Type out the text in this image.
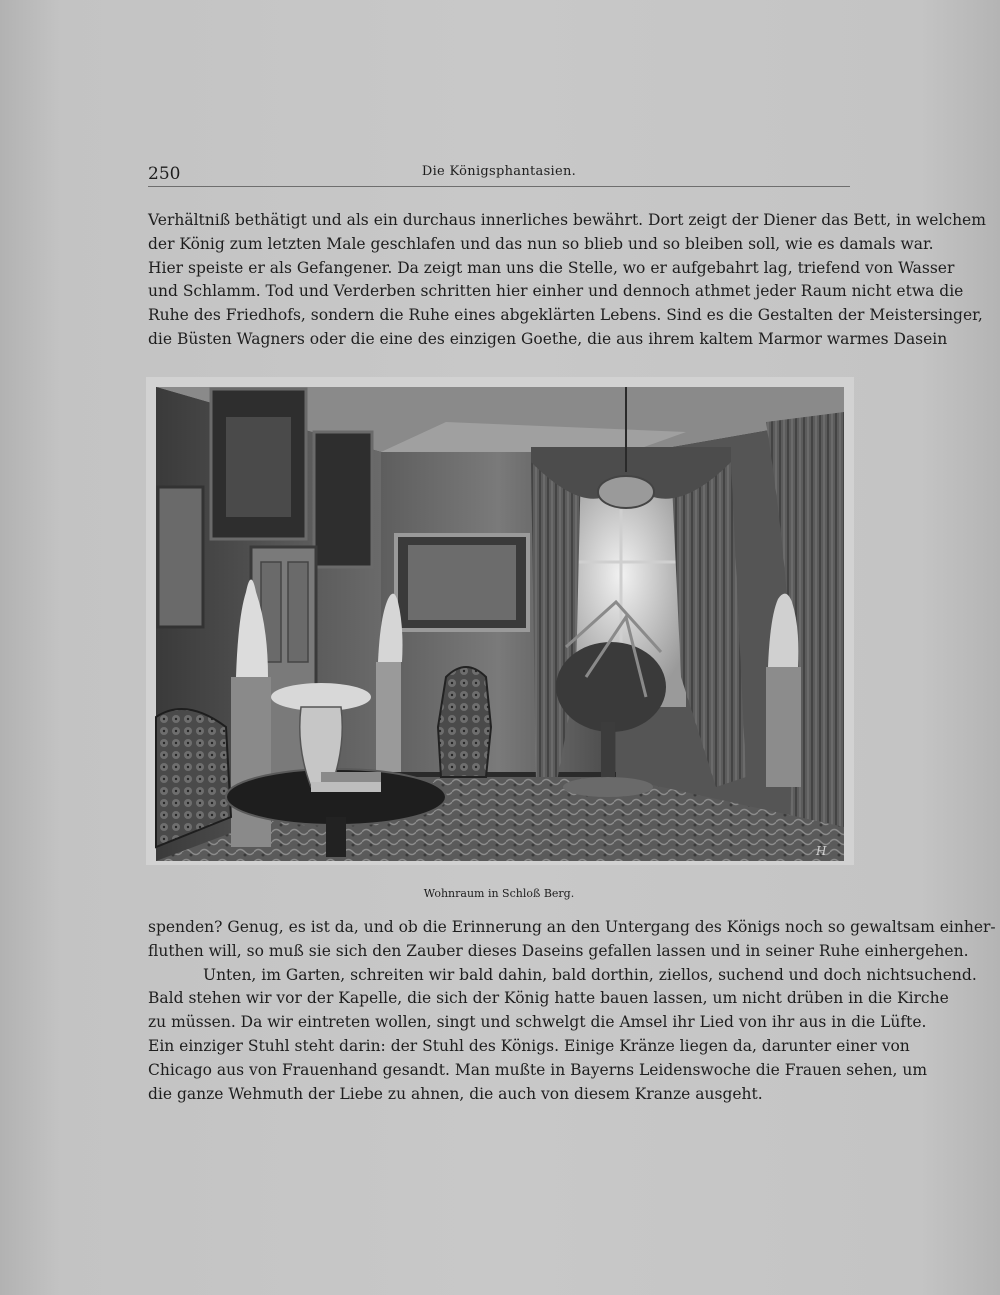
250	Die Königsphantasien.

Verhältniß bethätigt und als ein durchaus innerliches bewährt. Dort zeigt der Diener das Bett, in welchem
der König zum letzten Male geschlafen und das nun so blieb und so bleiben soll, wie es damals war.
Hier speiste er als Gefangener. Da zeigt man uns die Stelle, wo er aufgebahrt lag, triefend von Wasser
und Schlamm. Tod und Verderben schritten hier einher und dennoch athmet jeder Raum nicht etwa die
Ruhe des Friedhofs, sondern die Ruhe eines abgeklärten Lebens. Sind es die Gestalten der Meistersinger,
die Büsten Wagners oder die eine des einzigen Goethe, die aus ihrem kaltem Marmor warmes Dasein

H
Wohnraum in Schloß Berg.

spenden? Genug, es ist da, und ob die Erinnerung an den Untergang des Königs noch so gewaltsam einher-
fluthen will, so muß sie sich den Zauber dieses Daseins gefallen lassen und in seiner Ruhe einhergehen.
Unten, im Garten, schreiten wir bald dahin, bald dorthin, ziellos, suchend und doch nichtsuchend.
Bald stehen wir vor der Kapelle, die sich der König hatte bauen lassen, um nicht drüben in die Kirche
zu müssen. Da wir eintreten wollen, singt und schwelgt die Amsel ihr Lied von ihr aus in die Lüfte.
Ein einziger Stuhl steht darin: der Stuhl des Königs. Einige Kränze liegen da, darunter einer von
Chicago aus von Frauenhand gesandt. Man mußte in Bayerns Leidenswoche die Frauen sehen, um
die ganze Wehmuth der Liebe zu ahnen, die auch von diesem Kranze ausgeht.
